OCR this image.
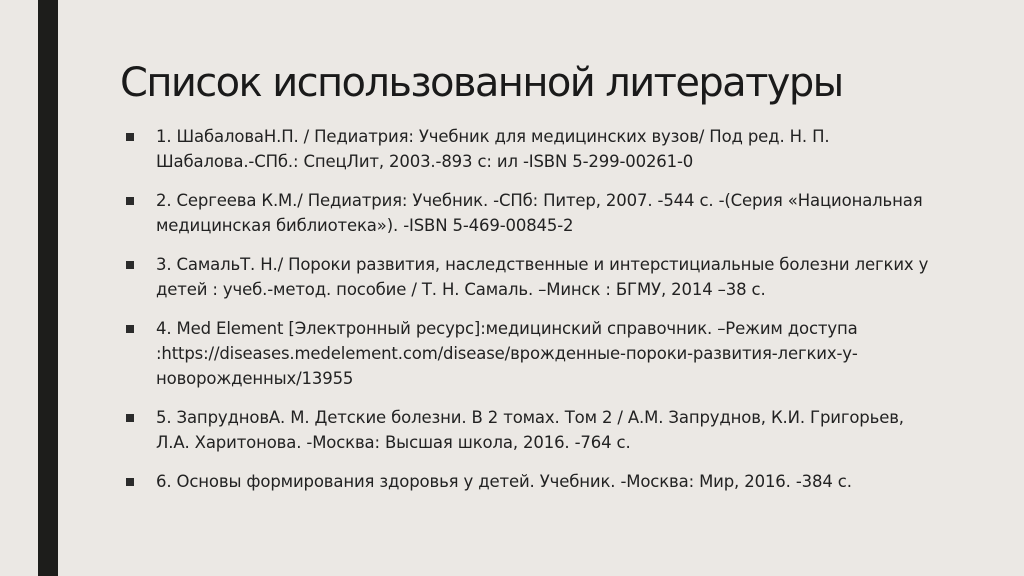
Список использованной литературы
1. ШабаловаН.П. / Педиатрия: Учебник для медицинских вузов/ Под ред. Н. П. Шабалова.-СПб.: СпецЛит, 2003.-893 с: ил -ISBN 5-299-00261-0
2. Сергеева К.М./ Педиатрия: Учебник. -СПб: Питер, 2007. -544 с. -(Серия «Национальная медицинская библиотека»). -ISBN 5-469-00845-2
3. СамальТ. Н./ Пороки развития, наследственные и интерстициальные болезни легких у детей : учеб.-метод. пособие / Т. Н. Самаль. –Минск : БГМУ, 2014 –38 с.
4. Med Element [Электронный ресурс]:медицинский справочник. –Режим доступа :https://diseases.medelement.com/disease/врожденные-пороки-развития-легких-у-новорожденных/13955
5. ЗапрудновА. М. Детские болезни. В 2 томах. Том 2 / А.М. Запруднов, К.И. Григорьев, Л.А. Харитонова. -Москва: Высшая школа, 2016. -764 с.
6. Основы формирования здоровья у детей. Учебник. -Москва: Мир, 2016. -384 с.
